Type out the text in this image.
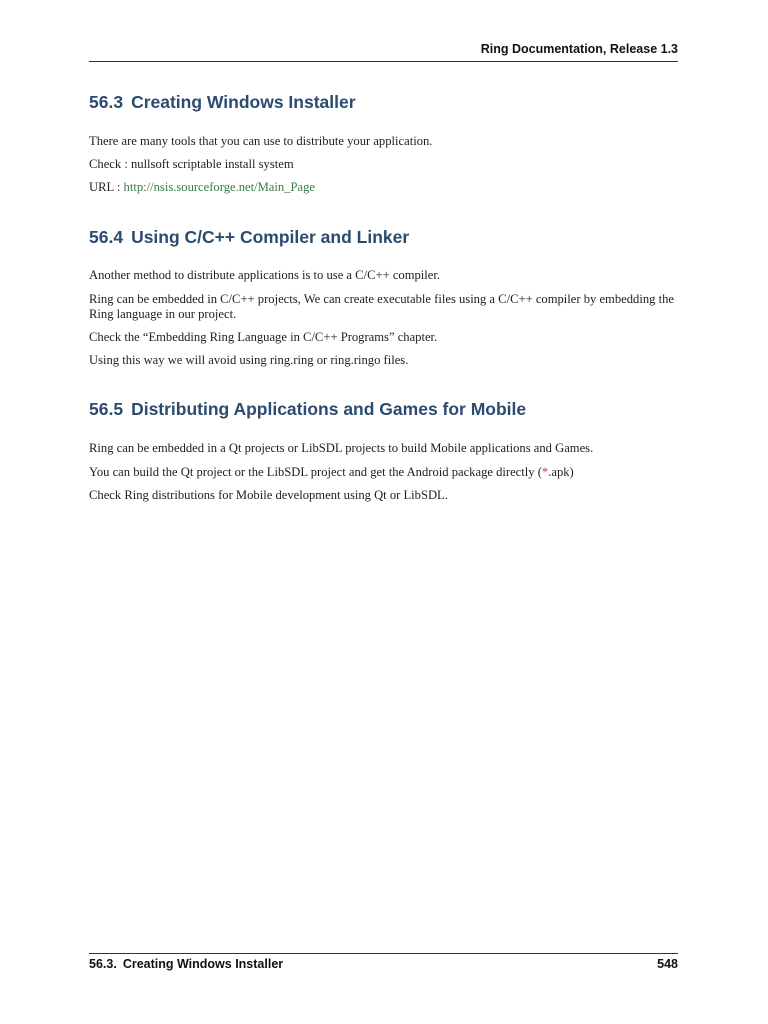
Ring Documentation, Release 1.3
56.3 Creating Windows Installer

There are many tools that you can use to distribute your application.

Check : nullsoft scriptable install system

URL : http://nsis.sourceforge.net/Main_Page

56.4 Using C/C++ Compiler and Linker

Another method to distribute applications is to use a C/C++ compiler.

Ring can be embedded in C/C++ projects, We can create executable files using a C/C++ compiler by embedding the Ring language in our project.

Check the “Embedding Ring Language in C/C++ Programs” chapter.

Using this way we will avoid using ring.ring or ring.ringo files.

56.5 Distributing Applications and Games for Mobile

Ring can be embedded in a Qt projects or LibSDL projects to build Mobile applications and Games.

You can build the Qt project or the LibSDL project and get the Android package directly (*.apk)

Check Ring distributions for Mobile development using Qt or LibSDL.

56.3. Creating Windows Installer	548
